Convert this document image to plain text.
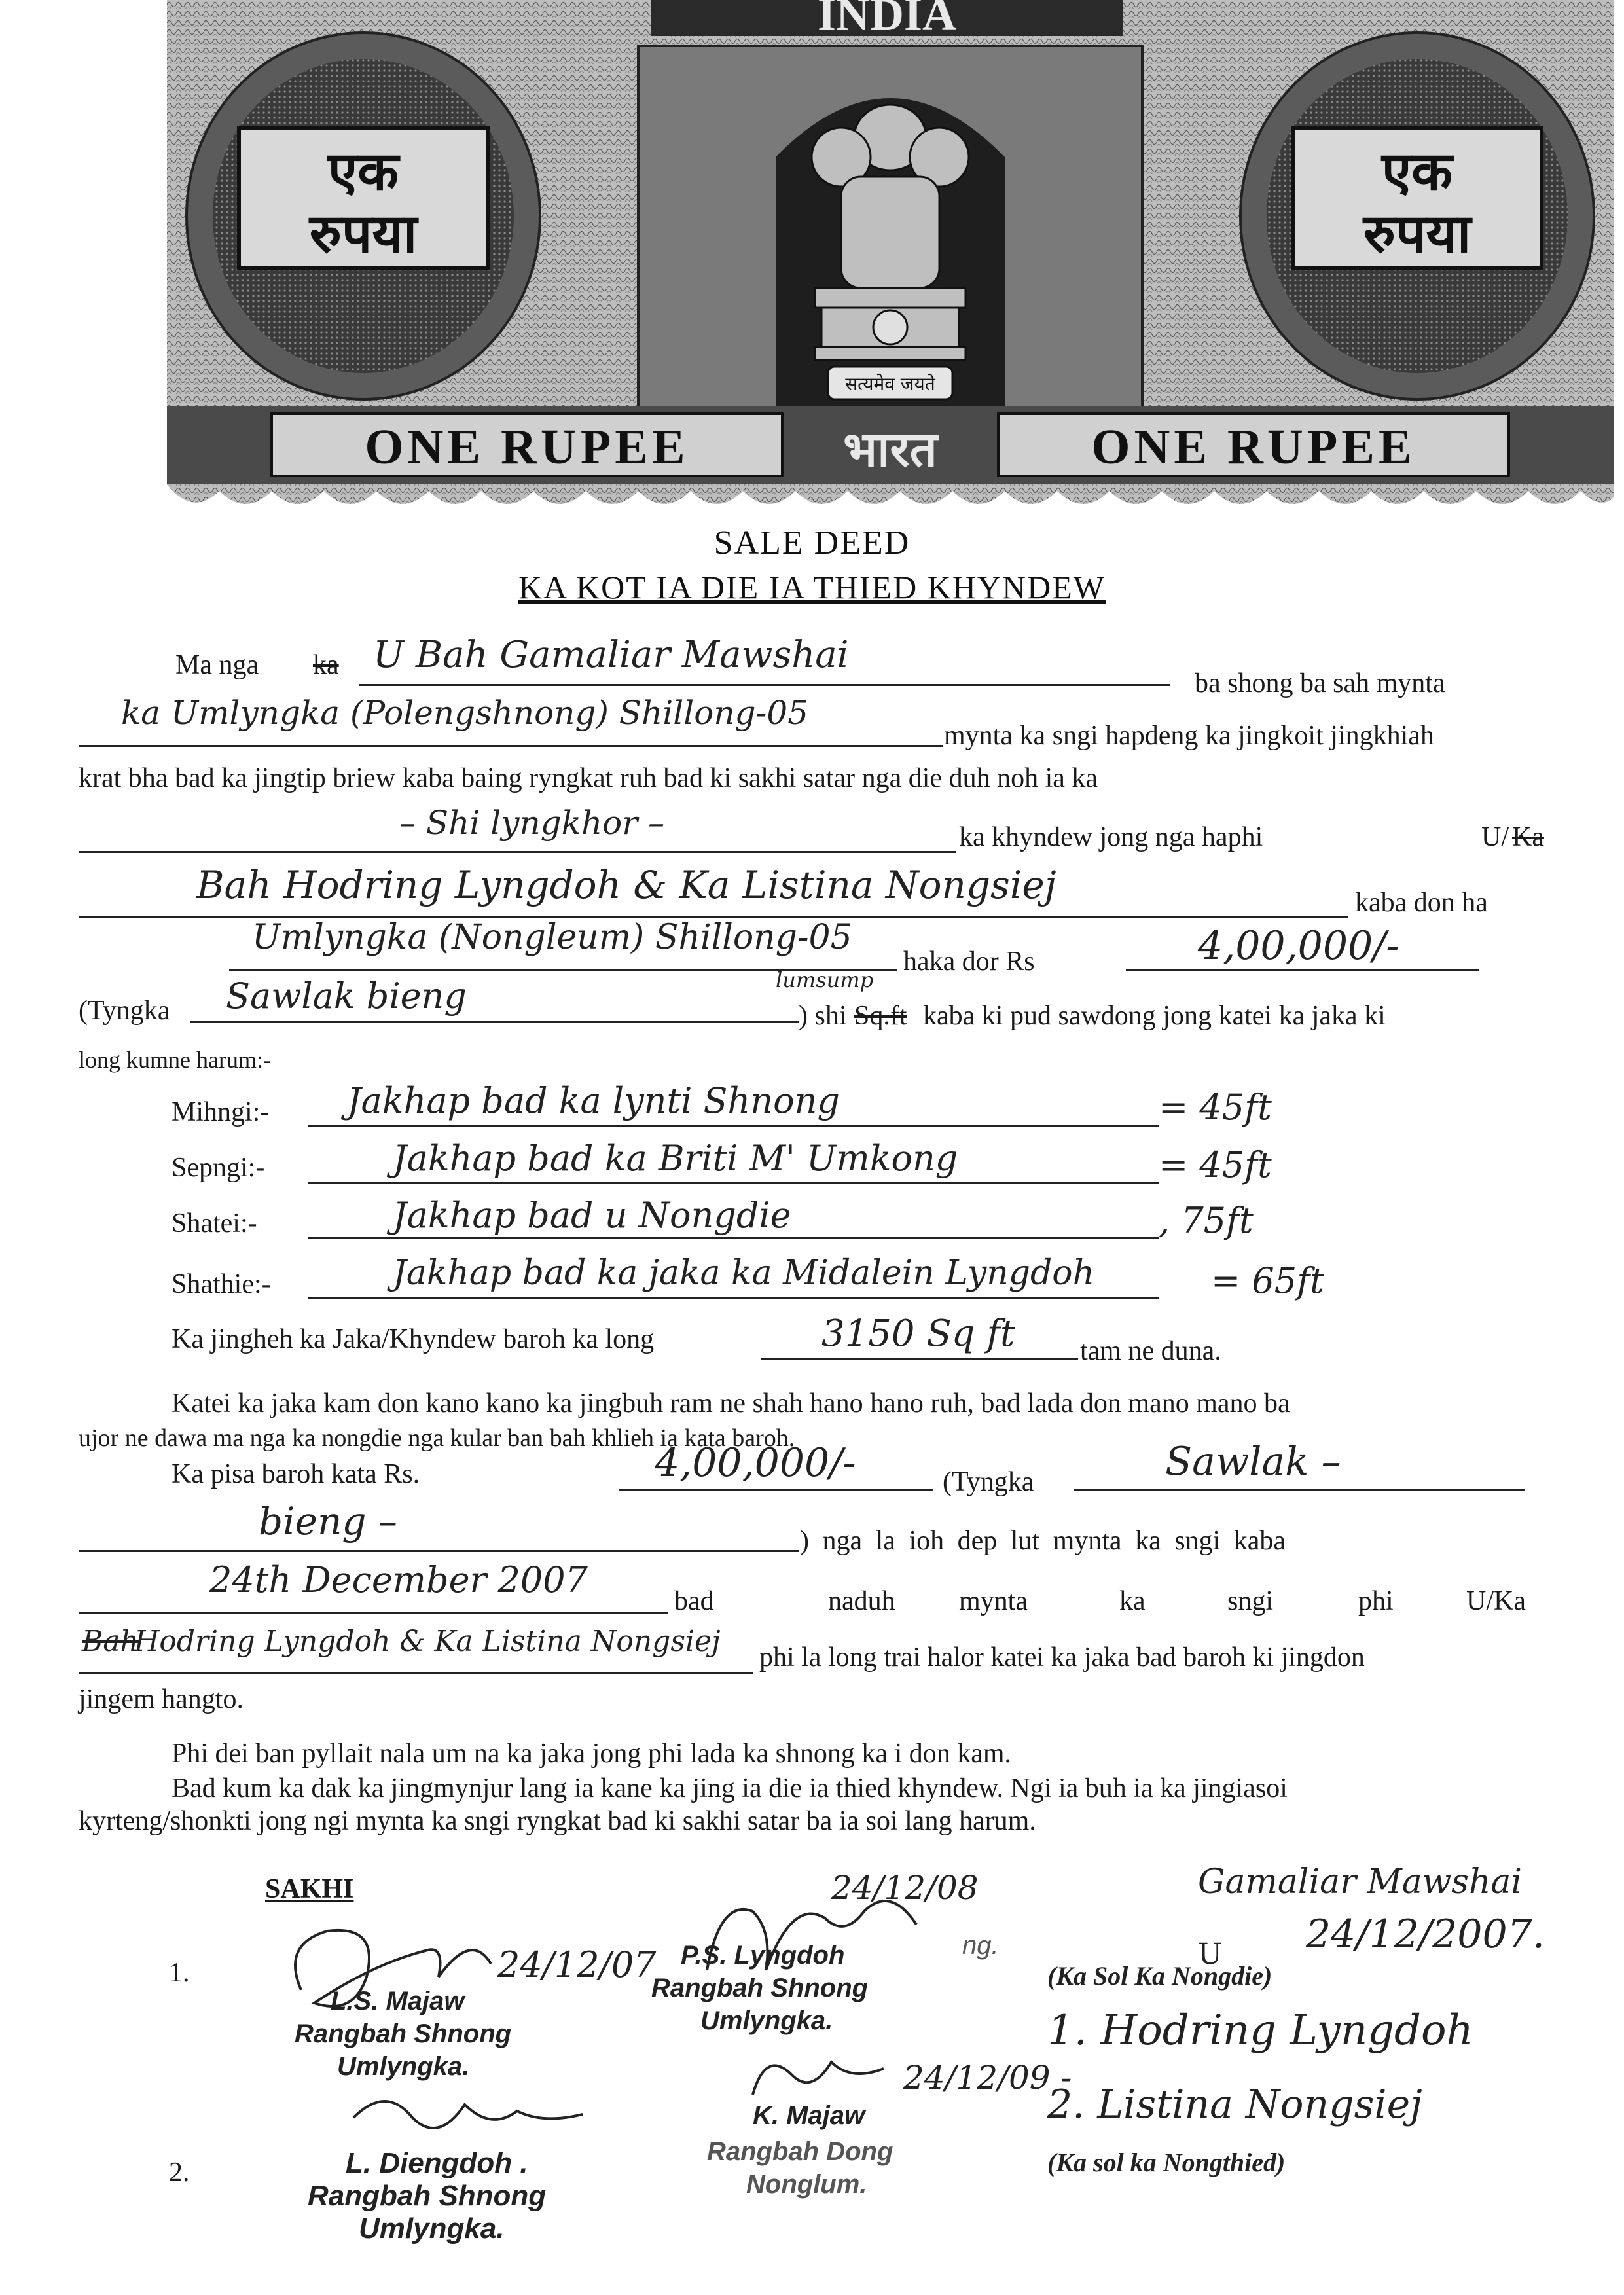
INDIA
एक
रुपया
एक
रुपया
सत्यमेव जयते
ONE RUPEE	भारत	ONE RUPEE
SALE DEED
KA KOT IA DIE IA THIED KHYNDEW
Ma nga ka U Bah Gamaliar Mawshai
ba shong ba sah mynta
ka Umlyngka (Polengshnong) Shillong-05
mynta ka sngi hapdeng ka jingkoit jingkhiah
krat bha bad ka jingtip briew kaba baing ryngkat ruh bad ki sakhi satar nga die duh noh ia ka
– Shi lyngkhor –	ka khyndew jong nga haphi	U/ Ka
Bah Hodring Lyngdoh & Ka Listina Nongsiej	kaba don ha
Umlyngka (Nongleum) Shillong-05
haka dor Rs	4,00,000/-
(Tyngka Sawlak bieng	lumsump
) shi Sq.ft kaba ki pud sawdong jong katei ka jaka ki
long kumne harum:-
Mihngi:- Jakhap bad ka lynti Shnong	= 45ft
Sepngi:-	Jakhap bad ka Briti M' Umkong	= 45ft
Shatei:-	Jakhap bad u Nongdie	, 75ft
Shathie:-	Jakhap bad ka jaka ka Midalein Lyngdoh	= 65ft
Ka jingheh ka Jaka/Khyndew baroh ka long	3150 Sq ft tam ne duna.
Katei ka jaka kam don kano kano ka jingbuh ram ne shah hano hano ruh, bad lada don mano mano ba
ujor ne dawa ma nga ka nongdie nga kular ban bah khlieh ia kata baroh.
Ka pisa baroh kata Rs.	4,00,000/-	(Tyngka	Sawlak –
bieng –	) nga la ioh dep lut mynta ka sngi kaba
24th December 2007
bad	naduh mynta	ka	sngi	phi	U/Ka
Bah
Hodring Lyngdoh & Ka Listina Nongsiej phi la long trai halor katei ka jaka bad baroh ki jingdon
jingem hangto.
Phi dei ban pyllait nala um na ka jaka jong phi lada ka shnong ka i don kam.
Bad kum ka dak ka jingmynjur lang ia kane ka jing ia die ia thied khyndew. Ngi ia buh ia ka jingiasoi
kyrteng/shonkti jong ngi mynta ka sngi ryngkat bad ki sakhi satar ba ia soi lang harum.
SAKHI
1.
2.
24/12/07
L.S. Majaw
Rangbah Shnong
Umlyngka.
L. Diengdoh .
Rangbah Shnong
Umlyngka.
24/12/08
P.S. Lyngdoh	ng.
Rangbah Shnong
Umlyngka.
24/12/09 -
K. Majaw
Rangbah Dong
Nonglum.
Gamaliar Mawshai
U 24/12/2007.
(Ka Sol Ka Nongdie)
1. Hodring Lyngdoh
2. Listina Nongsiej
(Ka sol ka Nongthied)
